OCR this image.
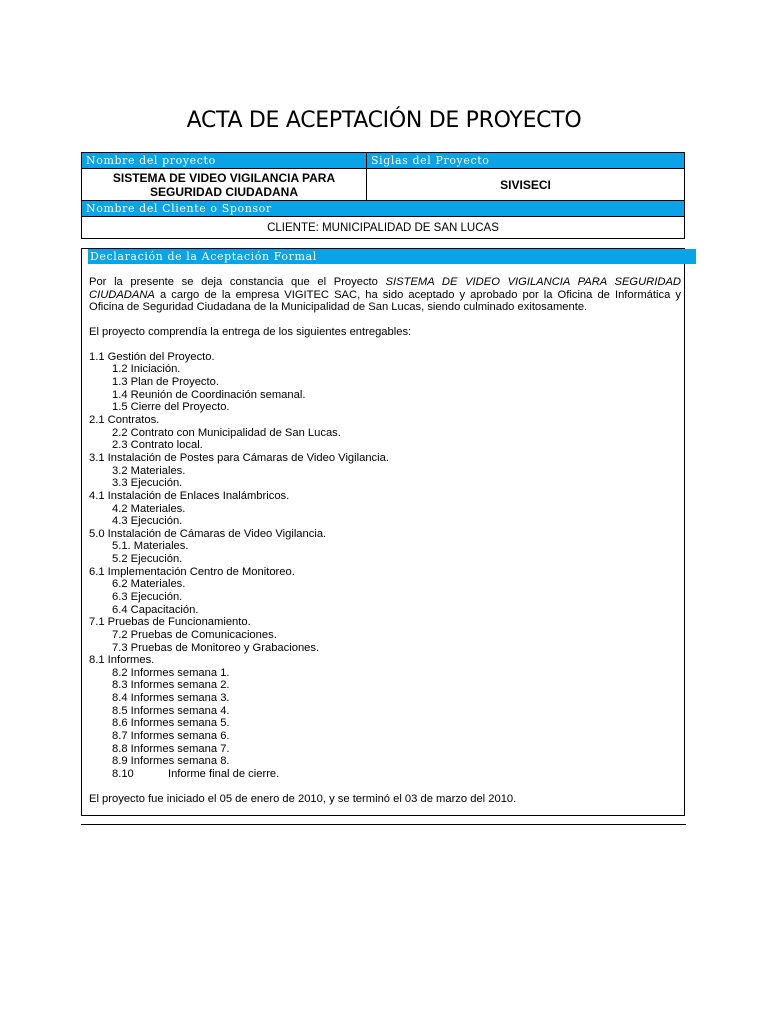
ACTA DE ACEPTACIÓN DE PROYECTO
Nombre del proyecto	Siglas del Proyecto
SISTEMA DE VIDEO VIGILANCIA PARA SEGURIDAD CIUDADANA	SIVISECI
Nombre del Cliente o Sponsor	
CLIENTE: MUNICIPALIDAD DE SAN LUCAS	
Declaración de la Aceptación Formal

Por la presente se deja constancia que el Proyecto SISTEMA DE VIDEO VIGILANCIA PARA SEGURIDAD CIUDADANA a cargo de la empresa VIGITEC SAC, ha sido aceptado y aprobado por la Oficina de Informática y Oficina de Seguridad Ciudadana de la Municipalidad de San Lucas, siendo culminado exitosamente.

El proyecto comprendía la entrega de los siguientes entregables:

1.1 Gestión del Proyecto.
1.2 Iniciación.
1.3 Plan de Proyecto.
1.4 Reunión de Coordinación semanal.
1.5 Cierre del Proyecto.
2.1 Contratos.
2.2 Contrato con Municipalidad de San Lucas.
2.3 Contrato local.
3.1 Instalación de Postes para Cámaras de Video Vigilancia.
3.2 Materiales.
3.3 Ejecución.
4.1 Instalación de Enlaces Inalámbricos.
4.2 Materiales.
4.3 Ejecución.
5.0 Instalación de Cámaras de Video Vigilancia.
5.1. Materiales.
5.2 Ejecución.
6.1 Implementación Centro de Monitoreo.
6.2 Materiales.
6.3 Ejecución.
6.4 Capacitación.
7.1 Pruebas de Funcionamiento.
7.2 Pruebas de Comunicaciones.
7.3 Pruebas de Monitoreo y Grabaciones.
8.1 Informes.
8.2 Informes semana 1.
8.3 Informes semana 2.
8.4 Informes semana 3.
8.5 Informes semana 4.
8.6 Informes semana 5.
8.7 Informes semana 6.
8.8 Informes semana 7.
8.9 Informes semana 8.
8.10           Informe final de cierre.

El proyecto fue iniciado el 05 de enero de 2010, y se terminó el 03 de marzo del 2010.
